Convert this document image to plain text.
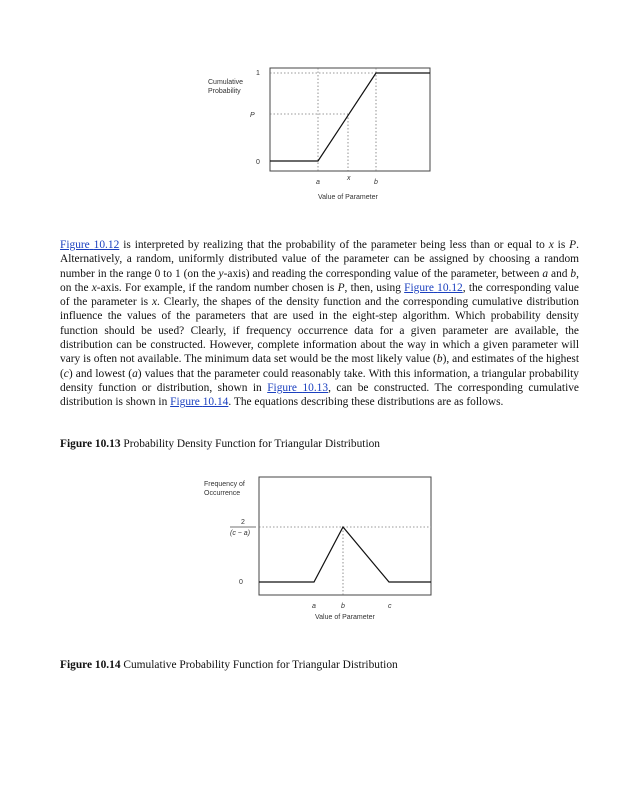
Cumulative
Probability
1
P
0
a
x
b
Value of Parameter

Figure 10.12 is interpreted by realizing that the probability of the parameter being less than or equal to x is P. Alternatively, a random, uniformly distributed value of the parameter can be assigned by choosing a random number in the range 0 to 1 (on the y-axis) and reading the corresponding value of the parameter, between a and b, on the x-axis. For example, if the random number chosen is P, then, using Figure 10.12, the corresponding value of the parameter is x. Clearly, the shapes of the density function and the corresponding cumulative distribution influence the values of the parameters that are used in the eight-step algorithm. Which probability density function should be used? Clearly, if frequency occurrence data for a given parameter are available, the distribution can be constructed. However, complete information about the way in which a given parameter will vary is often not available. The minimum data set would be the most likely value (b), and estimates of the highest (c) and lowest (a) values that the parameter could reasonably take. With this information, a triangular probability density function or distribution, shown in Figure 10.13, can be constructed. The corresponding cumulative distribution is shown in Figure 10.14. The equations describing these distributions are as follows.

Figure 10.13 Probability Density Function for Triangular Distribution

Frequency of
Occurrence
2
(c − a)
0
a	b	c
Value of Parameter

Figure 10.14 Cumulative Probability Function for Triangular Distribution
